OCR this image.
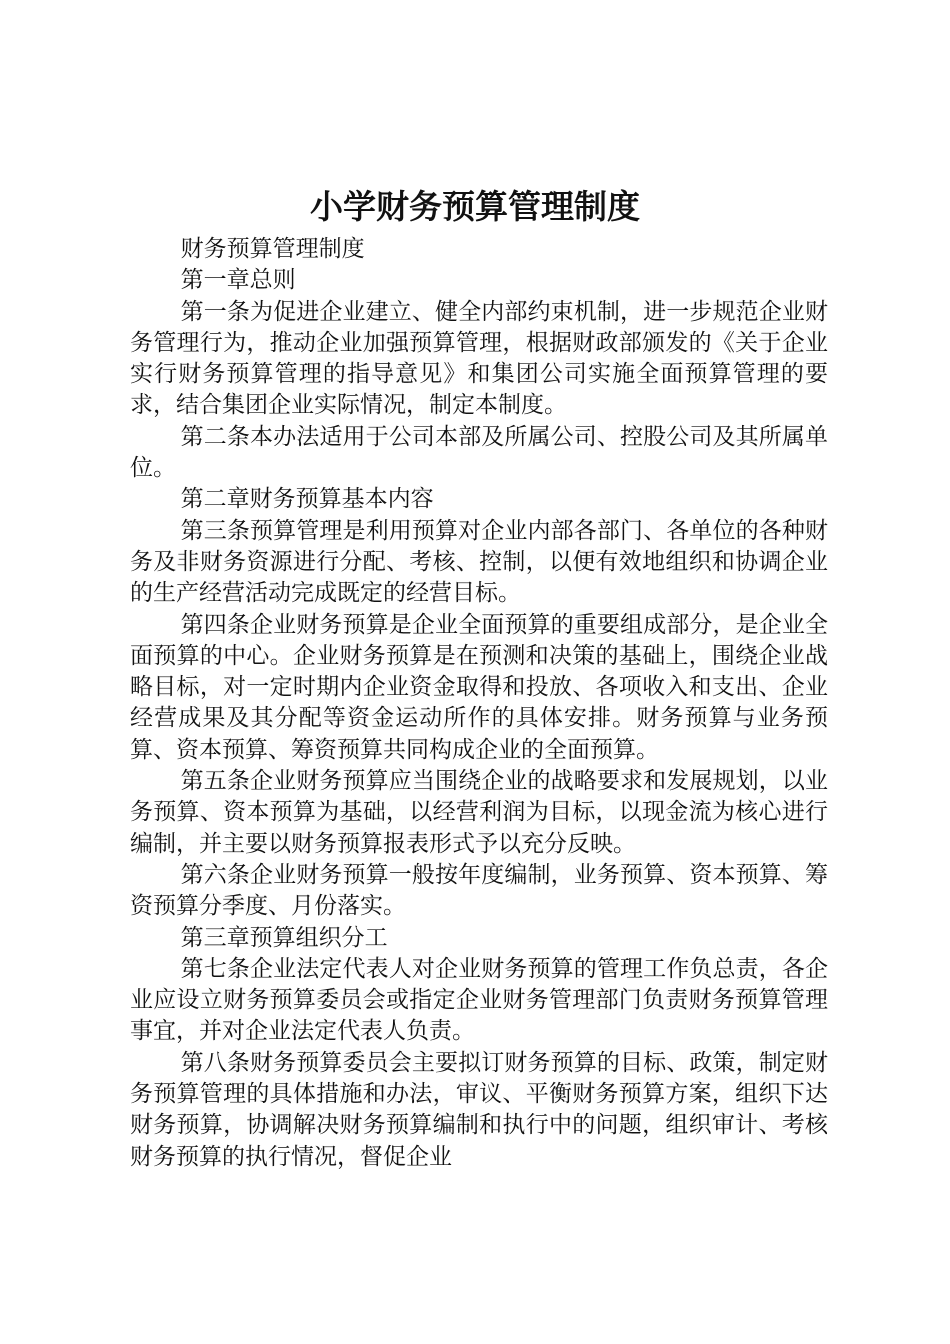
小学财务预算管理制度

财务预算管理制度

第一章总则

第一条为促进企业建立、健全内部约束机制，进一步规范企业财务管理行为，推动企业加强预算管理，根据财政部颁发的《关于企业实行财务预算管理的指导意见》和集团公司实施全面预算管理的要求，结合集团企业实际情况，制定本制度。

第二条本办法适用于公司本部及所属公司、控股公司及其所属单位。

第二章财务预算基本内容

第三条预算管理是利用预算对企业内部各部门、各单位的各种财务及非财务资源进行分配、考核、控制，以便有效地组织和协调企业的生产经营活动完成既定的经营目标。

第四条企业财务预算是企业全面预算的重要组成部分，是企业全面预算的中心。企业财务预算是在预测和决策的基础上，围绕企业战略目标，对一定时期内企业资金取得和投放、各项收入和支出、企业经营成果及其分配等资金运动所作的具体安排。财务预算与业务预算、资本预算、筹资预算共同构成企业的全面预算。

第五条企业财务预算应当围绕企业的战略要求和发展规划，以业务预算、资本预算为基础，以经营利润为目标，以现金流为核心进行编制，并主要以财务预算报表形式予以充分反映。

第六条企业财务预算一般按年度编制，业务预算、资本预算、筹资预算分季度、月份落实。

第三章预算组织分工

第七条企业法定代表人对企业财务预算的管理工作负总责，各企业应设立财务预算委员会或指定企业财务管理部门负责财务预算管理事宜，并对企业法定代表人负责。

第八条财务预算委员会主要拟订财务预算的目标、政策，制定财务预算管理的具体措施和办法，审议、平衡财务预算方案，组织下达财务预算，协调解决财务预算编制和执行中的问题，组织审计、考核财务预算的执行情况，督促企业
